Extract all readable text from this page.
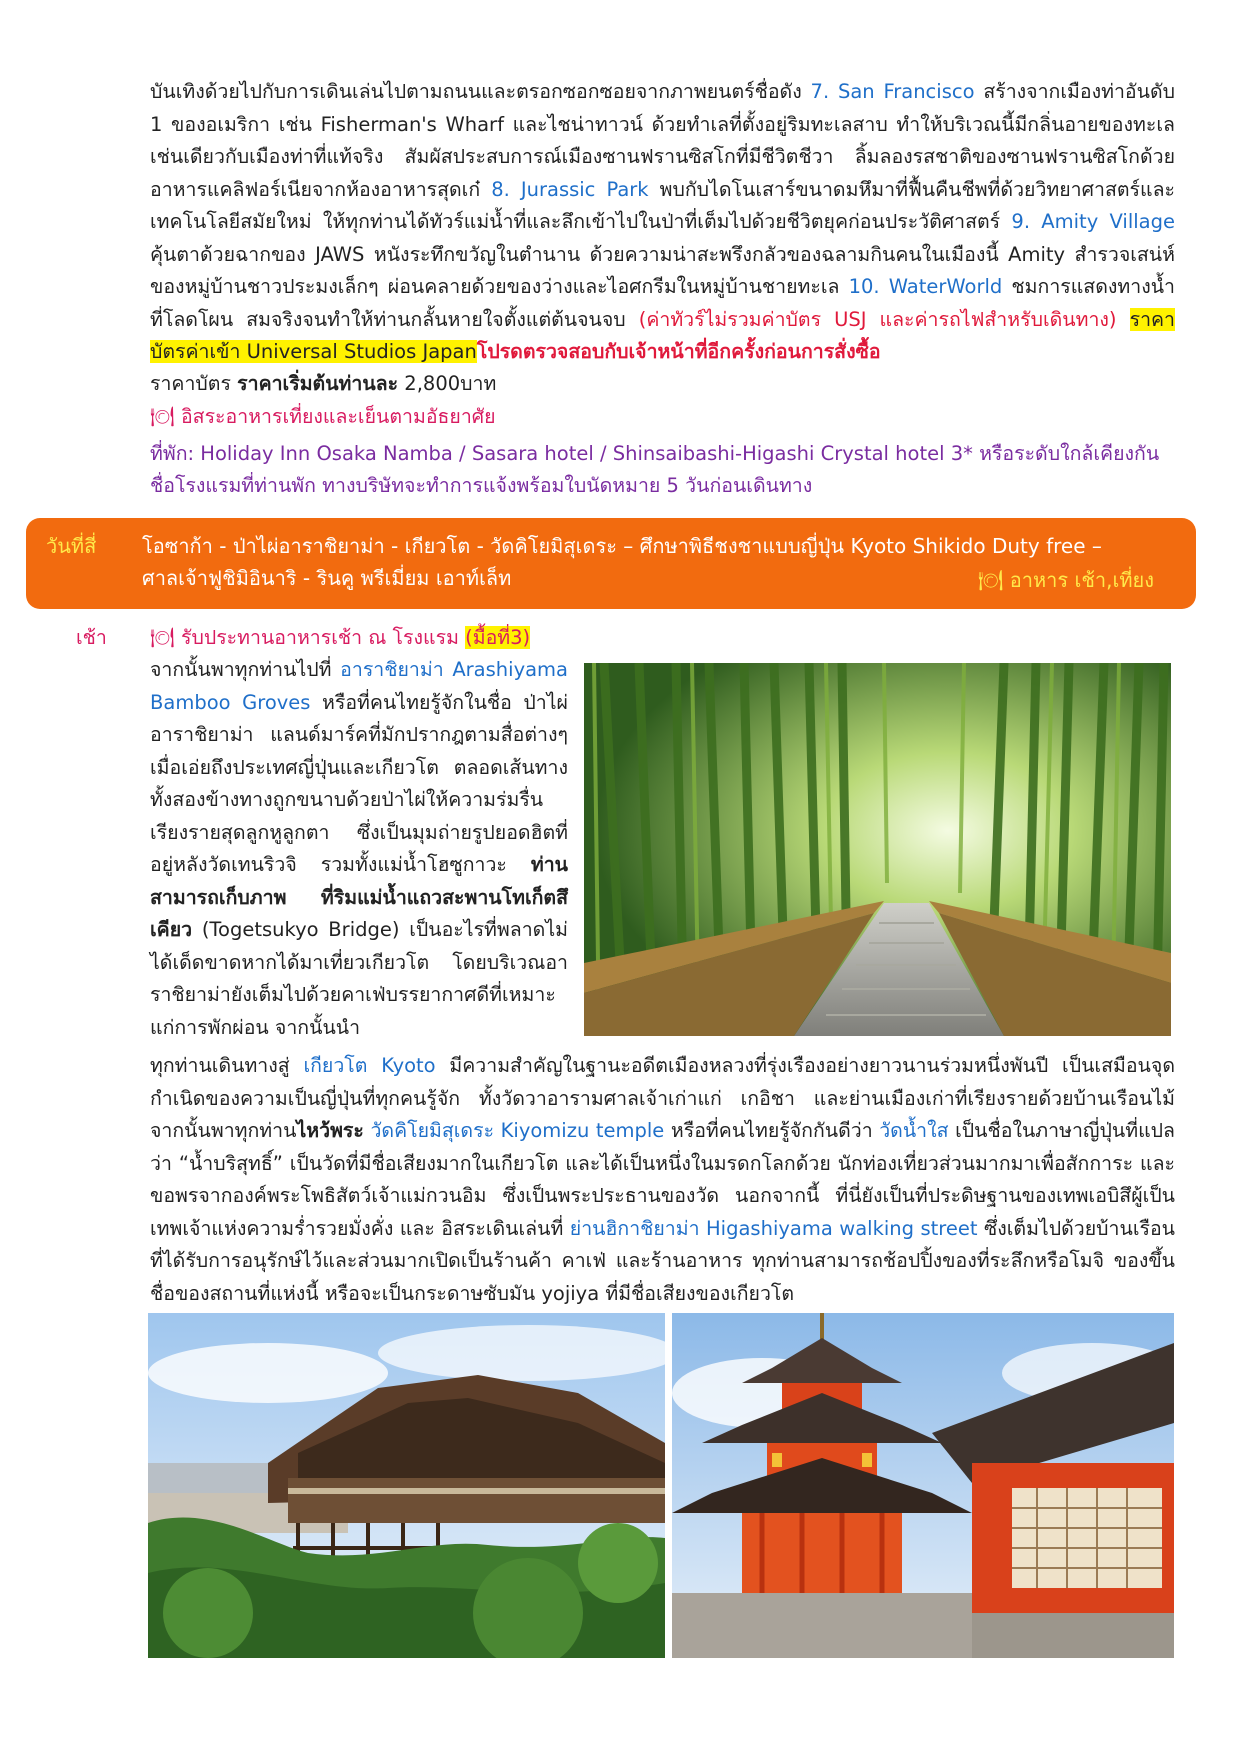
บันเทิงด้วยไปกับการเดินเล่นไปตามถนนและตรอกซอกซอยจากภาพยนตร์ชื่อดัง 7. San Francisco สร้างจากเมืองท่าอันดับ 1 ของอเมริกา เช่น Fisherman's Wharf และไชน่าทาวน์ ด้วยทำเลที่ตั้งอยู่ริมทะเลสาบ ทำให้บริเวณนี้มีกลิ่นอายของทะเลเช่นเดียวกับเมืองท่าที่แท้จริง สัมผัสประสบการณ์เมืองซานฟรานซิสโกที่มีชีวิตชีวา ลิ้มลองรสชาติของซานฟรานซิสโกด้วยอาหารแคลิฟอร์เนียจากห้องอาหารสุดเก๋ 8. Jurassic Park พบกับไดโนเสาร์ขนาดมหึมาที่ฟื้นคืนชีพที่ด้วยวิทยาศาสตร์และเทคโนโลยีสมัยใหม่ ให้ทุกท่านได้ทัวร์แม่น้ำที่และลึกเข้าไปในป่าที่เต็มไปด้วยชีวิตยุคก่อนประวัติศาสตร์ 9. Amity Village คุ้นตาด้วยฉากของ JAWS หนังระทึกขวัญในตำนาน ด้วยความน่าสะพรึงกลัวของฉลามกินคนในเมืองนี้ Amity สำรวจเสน่ห์ของหมู่บ้านชาวประมงเล็กๆ ผ่อนคลายด้วยของว่างและไอศกรีมในหมู่บ้านชายทะเล 10. WaterWorld ชมการแสดงทางน้ำที่โลดโผน สมจริงจนทำให้ท่านกลั้นหายใจตั้งแต่ต้นจนจบ (ค่าทัวร์ไม่รวมค่าบัตร USJ และค่ารถไฟสำหรับเดินทาง) ราคาบัตรค่าเข้า Universal Studios Japanโปรดตรวจสอบกับเจ้าหน้าที่อีกครั้งก่อนการสั่งซื้อ
ราคาบัตร ราคาเริ่มต้นท่านละ 2,800บาท
🍽 อิสระอาหารเที่ยงและเย็นตามอัธยาศัย
ที่พัก: Holiday Inn Osaka Namba / Sasara hotel / Shinsaibashi-Higashi Crystal hotel 3* หรือระดับใกล้เคียงกัน
ชื่อโรงแรมที่ท่านพัก ทางบริษัทจะทำการแจ้งพร้อมใบนัดหมาย 5 วันก่อนเดินทาง
วันที่สี่ โอซาก้า - ป่าไผ่อาราชิยาม่า - เกียวโต - วัดคิโยมิสุเดระ – ศึกษาพิธีชงชาแบบญี่ปุ่น Kyoto Shikido Duty free –
ศาลเจ้าฟูชิมิอินาริ - รินคู พรีเมี่ยม เอาท์เล็ท	🍽 อาหาร เช้า,เที่ยง
เช้า 🍽 รับประทานอาหารเช้า ณ โรงแรม (มื้อที่3)
จากนั้นพาทุกท่านไปที่ อาราชิยาม่า Arashiyama Bamboo Groves หรือที่คนไทยรู้จักในชื่อ ป่าไผ่อาราชิยาม่า แลนด์มาร์คที่มักปรากฎตามสื่อต่างๆ เมื่อเอ่ยถึงประเทศญี่ปุ่นและเกียวโต ตลอดเส้นทางทั้งสองข้างทางถูกขนาบด้วยป่าไผ่ให้ความร่มรื่นเรียงรายสุดลูกหูลูกตา ซึ่งเป็นมุมถ่ายรูปยอดฮิตที่อยู่หลังวัดเทนริวจิ รวมทั้งแม่น้ำโฮซูกาวะ ท่านสามารถเก็บภาพ ที่ริมแม่น้ำแถวสะพานโทเก็ตสึเคียว (Togetsukyo Bridge) เป็นอะไรที่พลาดไม่ได้เด็ดขาดหากได้มาเที่ยวเกียวโต โดยบริเวณอาราชิยาม่ายังเต็มไปด้วยคาเฟ่บรรยากาศดีที่เหมาะแก่การพักผ่อน จากนั้นนำ
ทุกท่านเดินทางสู่ เกียวโต Kyoto มีความสำคัญในฐานะอดีตเมืองหลวงที่รุ่งเรืองอย่างยาวนานร่วมหนึ่งพันปี เป็นเสมือนจุดกำเนิดของความเป็นญี่ปุ่นที่ทุกคนรู้จัก ทั้งวัดวาอารามศาลเจ้าเก่าแก่ เกอิชา และย่านเมืองเก่าที่เรียงรายด้วยบ้านเรือนไม้ จากนั้นพาทุกท่านไหว้พระ วัดคิโยมิสุเดระ Kiyomizu temple หรือที่คนไทยรู้จักกันดีว่า วัดน้ำใส เป็นชื่อในภาษาญี่ปุ่นที่แปลว่า “น้ำบริสุทธิ์” เป็นวัดที่มีชื่อเสียงมากในเกียวโต และได้เป็นหนึ่งในมรดกโลกด้วย นักท่องเที่ยวส่วนมากมาเพื่อสักการะ และ ขอพรจากองค์พระโพธิสัตว์เจ้าแม่กวนอิม ซึ่งเป็นพระประธานของวัด นอกจากนี้ ที่นี่ยังเป็นที่ประดิษฐานของเทพเอบิสึผู้เป็นเทพเจ้าแห่งความร่ำรวยมั่งคั่ง และ อิสระเดินเล่นที่ ย่านฮิกาชิยาม่า Higashiyama walking street ซึ่งเต็มไปด้วยบ้านเรือนที่ได้รับการอนุรักษ์ไว้และส่วนมากเปิดเป็นร้านค้า คาเฟ่ และร้านอาหาร ทุกท่านสามารถช้อปปิ้งของที่ระลึกหรือโมจิ ของขึ้นชื่อของสถานที่แห่งนี้ หรือจะเป็นกระดาษซับมัน yojiya ที่มีชื่อเสียงของเกียวโต
